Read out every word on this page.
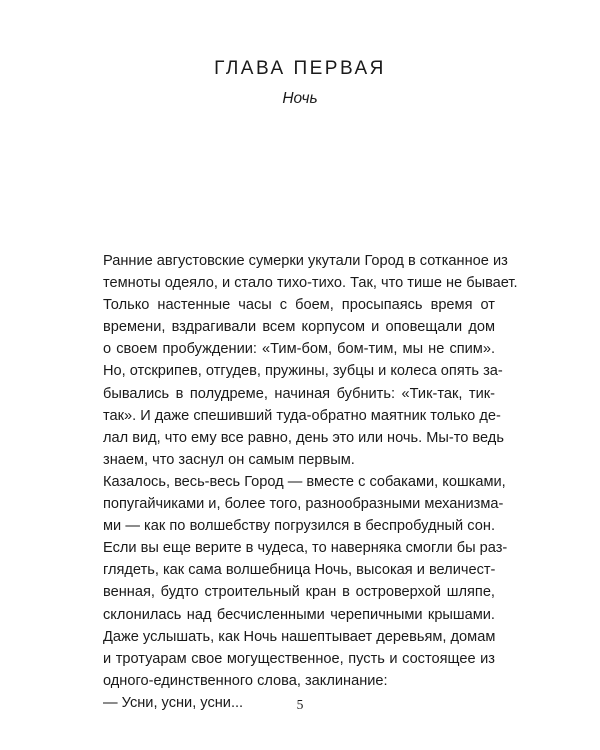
ГЛАВА ПЕРВАЯ
Ночь
Ранние августовские сумерки укутали Город в сотканное из
темноты одеяло, и стало тихо-тихо. Так, что тише не бывает.
Только настенные часы с боем, просыпаясь время от
времени, вздрагивали всем корпусом и оповещали дом
о своем пробуждении: «Тим-бом, бом-тим, мы не спим».
Но, отскрипев, отгудев, пружины, зубцы и колеса опять за-
бывались в полудреме, начиная бубнить: «Тик-так, тик-
так». И даже спешивший туда-обратно маятник только де-
лал вид, что ему все равно, день это или ночь. Мы-то ведь
знаем, что заснул он самым первым.
Казалось, весь-весь Город — вместе с собаками, кошками,
попугайчиками и, более того, разнообразными механизма-
ми — как по волшебству погрузился в беспробудный сон.
Если вы еще верите в чудеса, то наверняка смогли бы раз-
глядеть, как сама волшебница Ночь, высокая и величест-
венная, будто строительный кран в островерхой шляпе,
склонилась над бесчисленными черепичными крышами.
Даже услышать, как Ночь нашептывает деревьям, домам
и тротуарам свое могущественное, пусть и состоящее из
одного-единственного слова, заклинание:
— Усни, усни, усни...	5
